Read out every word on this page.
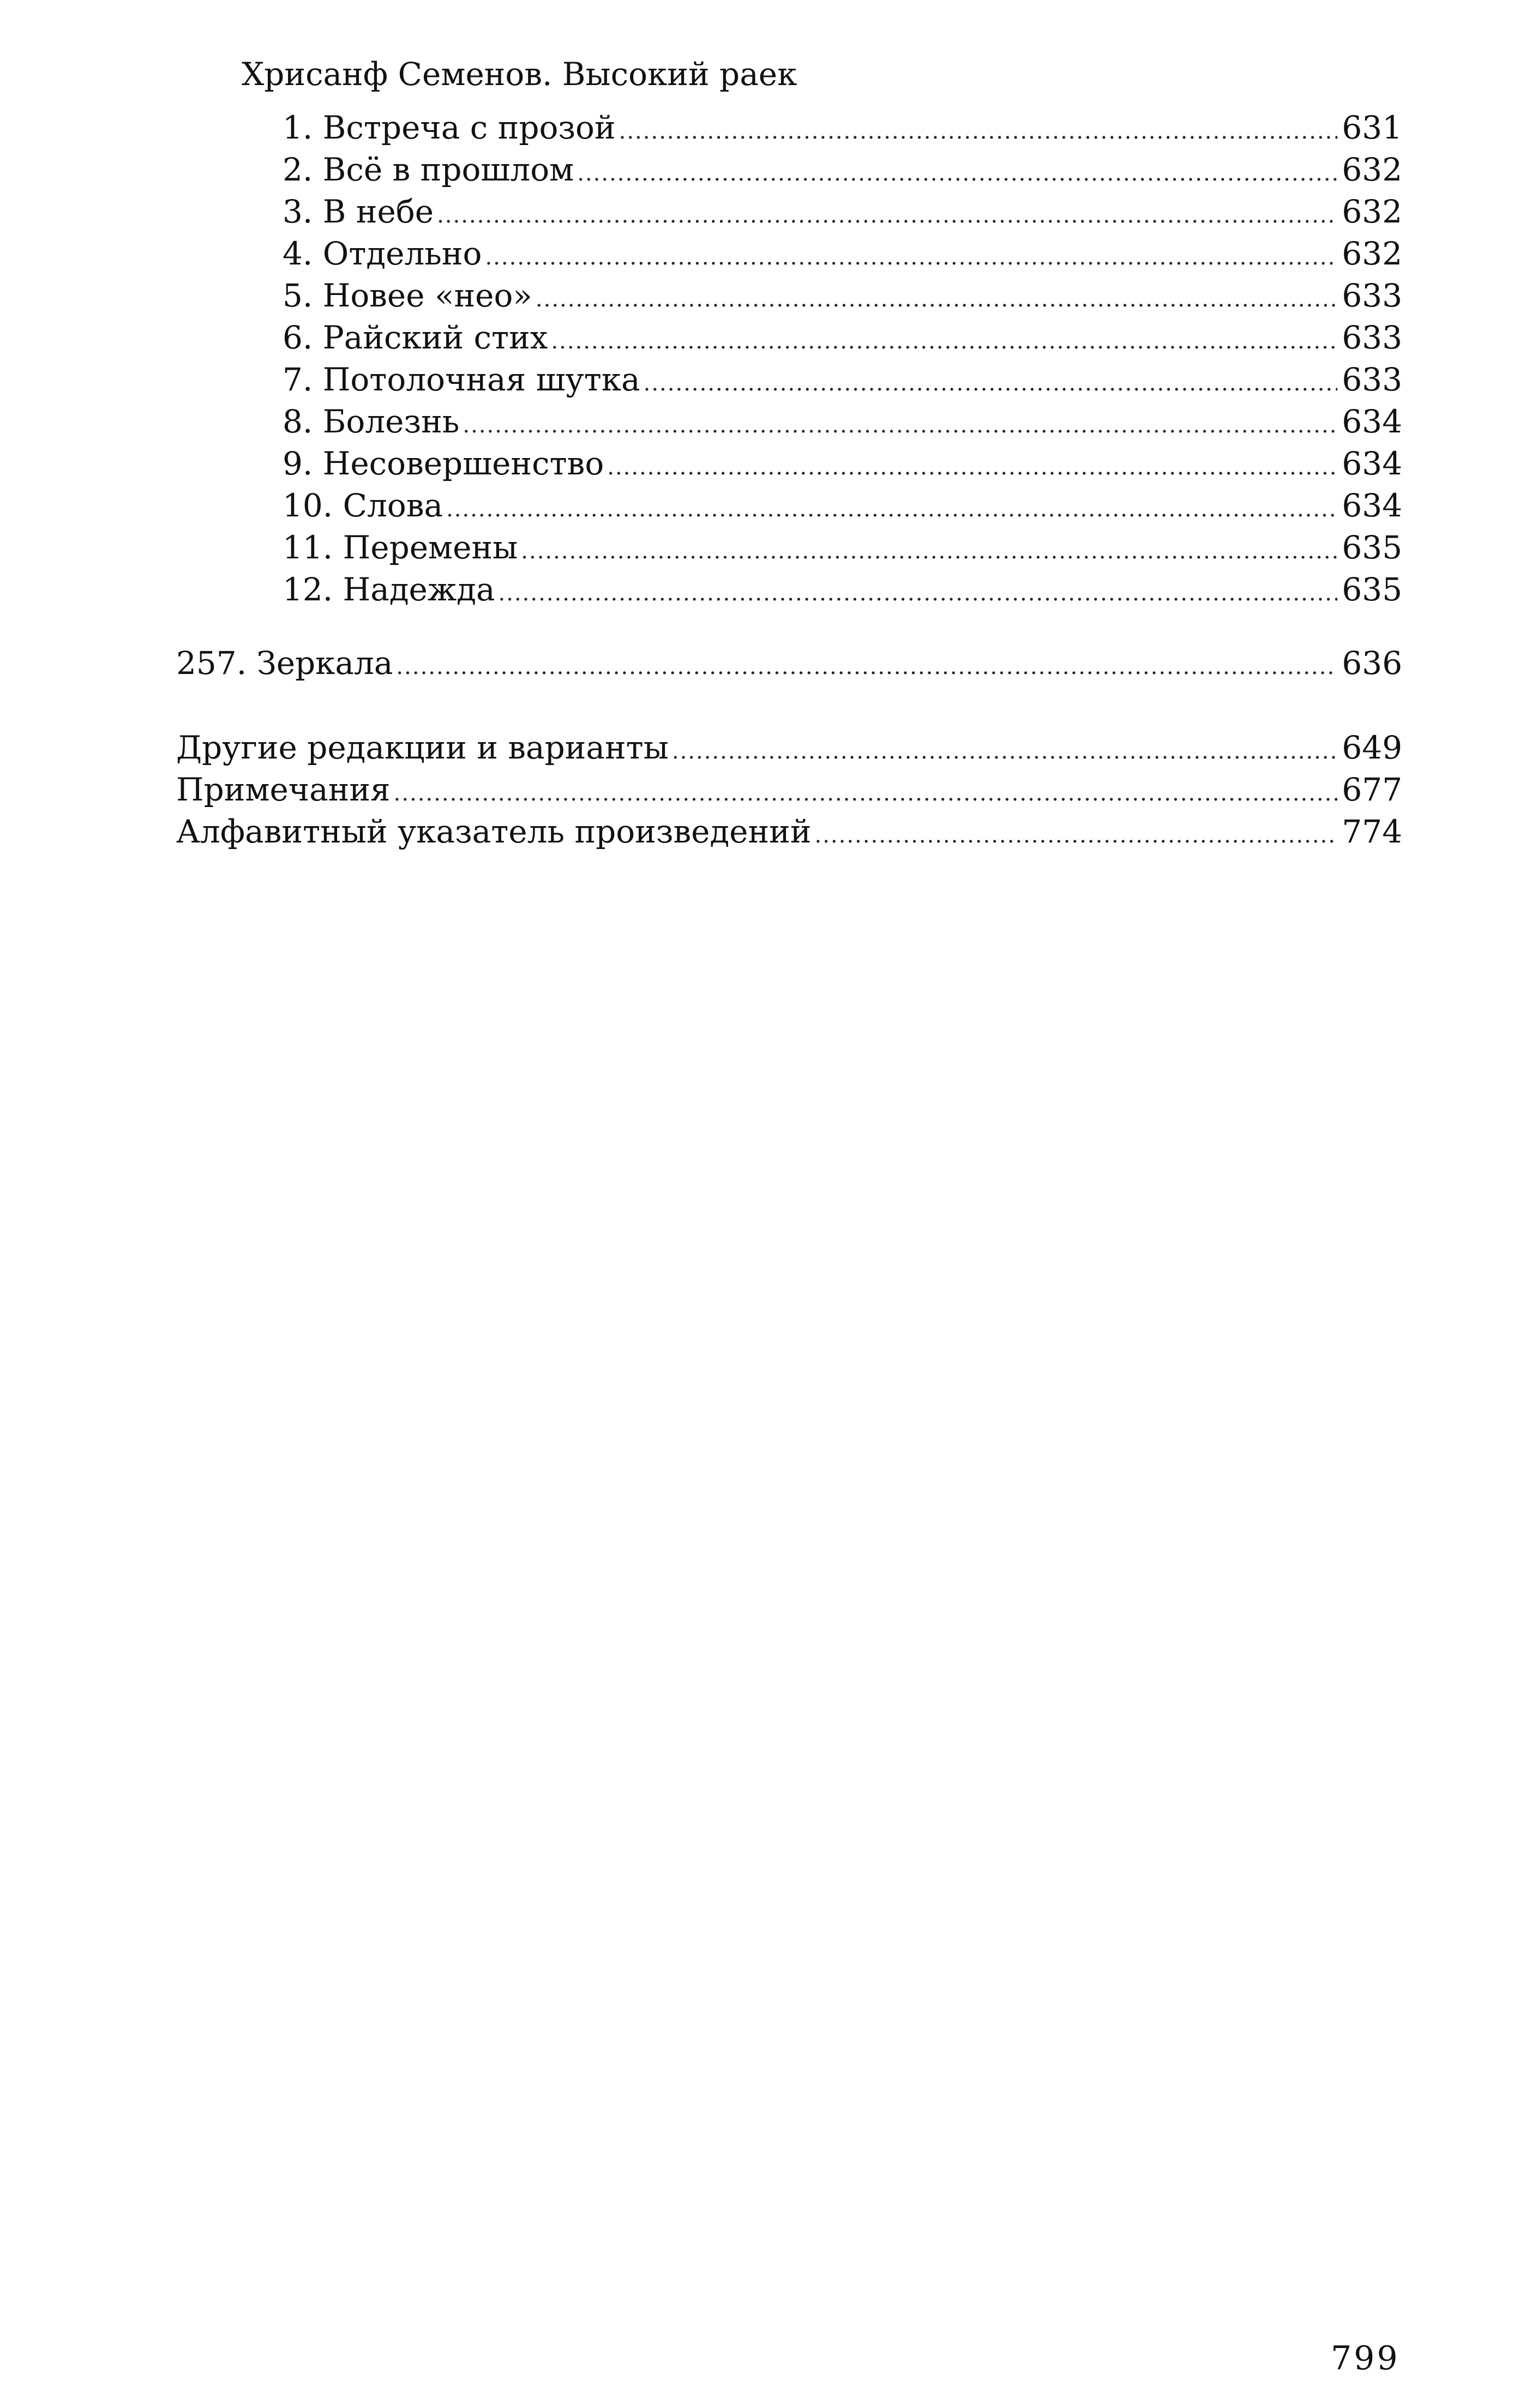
Хрисанф Семенов. Высокий раек
1. Встреча с прозой .....	631
2. Всё в прошлом .....	632
3. В небе .....	632
4. Отдельно .....	632
5. Новее «нео» .....	633
6. Райский стих .....	633
7. Потолочная шутка .....	633
8. Болезнь .....	634
9. Несовершенство .....	634
10. Слова .....	634
11. Перемены .....	635
12. Надежда .....	635
257. Зеркала .....	636
Другие редакции и варианты .....	649
Примечания .....	677
Алфавитный указатель произведений .....	774
799
